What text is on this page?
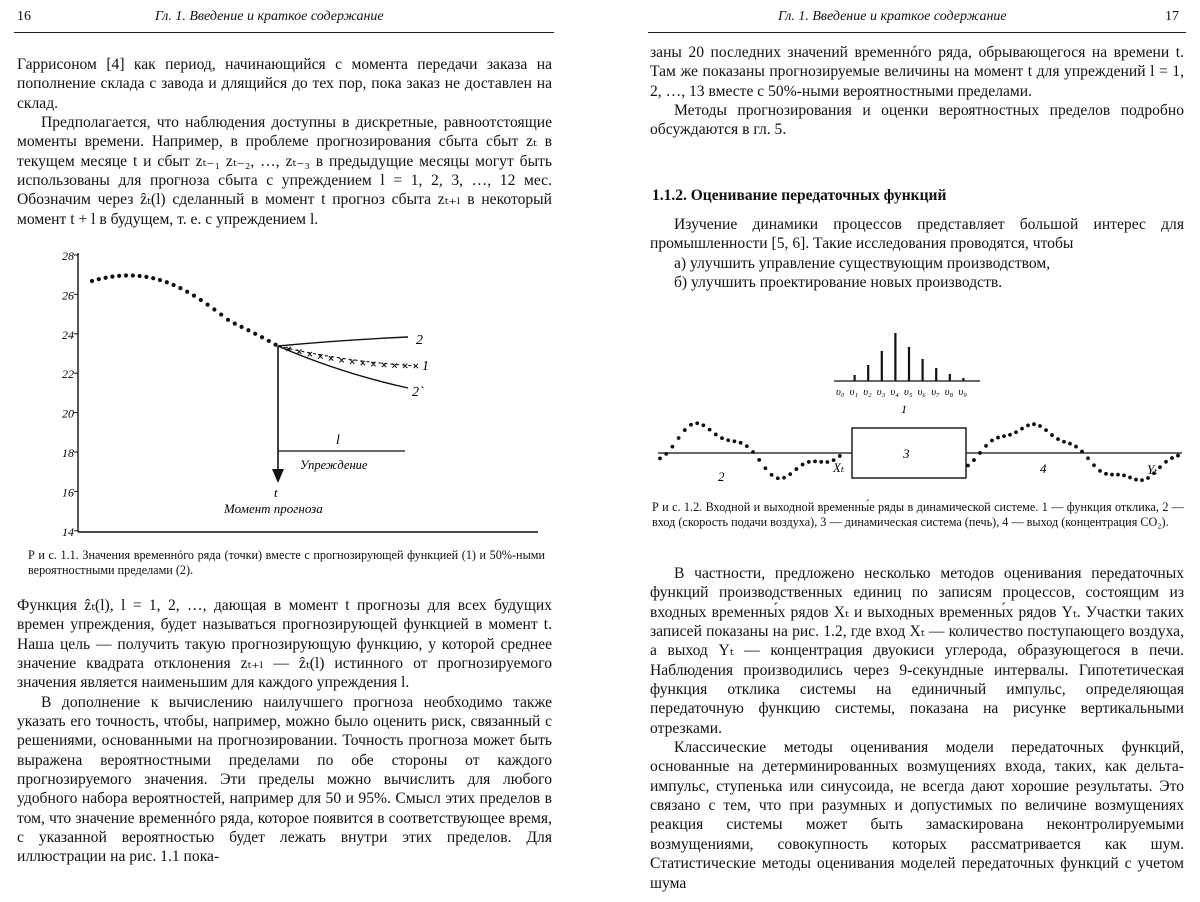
16	Гл. 1. Введение и краткое содержание

Гаррисоном [4] как период, начинающийся с момента передачи заказа на пополнение склада с завода и длящийся до тех пор, пока заказ не доставлен на склад.

Предполагается, что наблюдения доступны в дискретные, равноотстоящие моменты времени. Например, в проблеме прогнозирования сбыта сбыт zₜ в текущем месяце t и сбыт zₜ₋₁ zₜ₋₂, …, zₜ₋₃ в предыдущие месяцы могут быть использованы для прогноза сбыта с упреждением l = 1, 2, 3, …, 12 мес. Обозначим через ẑₜ(l) сделанный в момент t прогноз сбыта zₜ₊ₗ в некоторый момент t + l в будущем, т. е. с упреждением l.

28
26
24
22
20
18
16
14
2
1
2`
l
Упреждение
t
Момент прогноза
Р и с. 1.1. Значения временнóго ряда (точки) вместе с прогнозирующей функцией (1) и 50%-ными вероятностными пределами (2).

Функция ẑₜ(l), l = 1, 2, …, дающая в момент t прогнозы для всех будущих времен упреждения, будет называться прогнозирующей функцией в момент t. Наша цель — получить такую прогнозирующую функцию, у которой среднее значение квадрата отклонения zₜ₊ₗ — ẑₜ(l) истинного от прогнозируемого значения является наименьшим для каждого упреждения l.

В дополнение к вычислению наилучшего прогноза необходимо также указать его точность, чтобы, например, можно было оценить риск, связанный с решениями, основанными на прогнозировании. Точность прогноза может быть выражена вероятностными пределами по обе стороны от каждого прогнозируемого значения. Эти пределы можно вычислить для любого удобного набора вероятностей, например для 50 и 95%. Смысл этих пределов в том, что значение временнóго ряда, которое появится в соответствующее время, с указанной вероятностью будет лежать внутри этих пределов. Для иллюстрации на рис. 1.1 пока-

Гл. 1. Введение и краткое содержание	17

заны 20 последних значений временнóго ряда, обрывающегося на времени t. Там же показаны прогнозируемые величины на момент t для упреждений l = 1, 2, …, 13 вместе с 50%-ными вероятностными пределами.

Методы прогнозирования и оценки вероятностных пределов подробно обсуждаются в гл. 5.

1.1.2. Оценивание передаточных функций

Изучение динамики процессов представляет большой интерес для промышленности [5, 6]. Такие исследования проводятся, чтобы

а) улучшить управление существующим производством,

б) улучшить проектирование новых производств.

υ₀ υ₁ υ₂ υ₃ υ₄ υ₅ υ₆ υ₇ υ₈ υ₉
1
3
2
Xₜ	4	Yₜ
Р и с. 1.2. Входной и выходной временны́е ряды в динамической системе. 1 — функция отклика, 2 — вход (скорость подачи воздуха), 3 — динамическая система (печь), 4 — выход (концентрация CO₂).

В частности, предложено несколько методов оценивания передаточных функций производственных единиц по записям процессов, состоящим из входных временны́х рядов Xₜ и выходных временны́х рядов Yₜ. Участки таких записей показаны на рис. 1.2, где вход Xₜ — количество поступающего воздуха, а выход Yₜ — концентрация двуокиси углерода, образующегося в печи. Наблюдения производились через 9-секундные интервалы. Гипотетическая функция отклика системы на единичный импульс, определяющая передаточную функцию системы, показана на рисунке вертикальными отрезками.

Классические методы оценивания модели передаточных функций, основанные на детерминированных возмущениях входа, таких, как дельта-импульс, ступенька или синусоида, не всегда дают хорошие результаты. Это связано с тем, что при разумных и допустимых по величине возмущениях реакция системы может быть замаскирована неконтролируемыми возмущениями, совокупность которых рассматривается как шум. Статистические методы оценивания моделей передаточных функций с учетом шума
